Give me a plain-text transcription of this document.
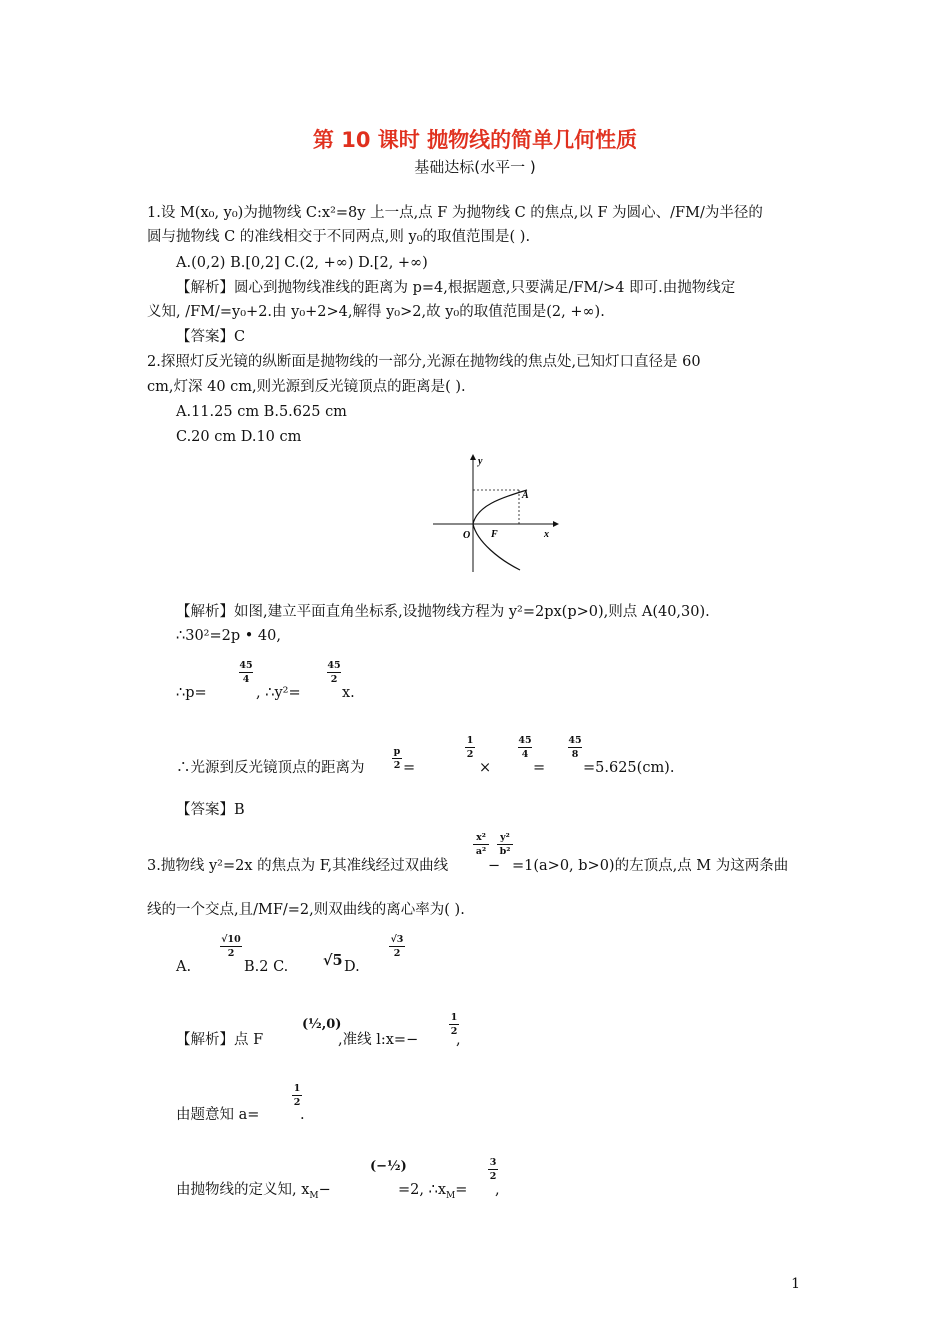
第 10 课时 抛物线的简单几何性质
基础达标(水平一 )
1.设 M(x₀, y₀)为抛物线 C:x²=8y 上一点,点 F 为抛物线 C 的焦点,以 F 为圆心、/FM/为半径的
圆与抛物线 C 的准线相交于不同两点,则 y₀的取值范围是( ).
A.(0,2) B.[0,2] C.(2, +∞) D.[2, +∞)
【解析】圆心到抛物线准线的距离为 p=4,根据题意,只要满足/FM/>4 即可.由抛物线定
义知, /FM/=y₀+2.由 y₀+2>4,解得 y₀>2,故 y₀的取值范围是(2, +∞).
【答案】C
2.探照灯反光镜的纵断面是抛物线的一部分,光源在抛物线的焦点处,已知灯口直径是 60
cm,灯深 40 cm,则光源到反光镜顶点的距离是( ).
A.11.25 cm B.5.625 cm
C.20 cm D.10 cm
y
x
O F
A
【解析】如图,建立平面直角坐标系,设抛物线方程为 y²=2px(p>0),则点 A(40,30).
∴30²=2p • 40,
∴p=
45
4
, ∴y²=
45
2
x.
∴光源到反光镜顶点的距离为
p
2 =
1
2
×
45
4
=
45
8
=5.625(cm).
【答案】B
3.抛物线 y²=2x 的焦点为 F,其准线经过双曲线
x²
a²
−
y²
b²
=1(a>0, b>0)的左顶点,点 M 为这两条曲
线的一个交点,且/MF/=2,则双曲线的离心率为( ).
A.
√10
2
B.2 C. √5 D.
√3
2
【解析】点 F
(½,0)
,准线 l:x=−
1
2
,
由题意知 a=
1
2
.
由抛物线的定义知, $x_M-$
(−½)
=2, $\therefore x_M=$
3
2
,
1
